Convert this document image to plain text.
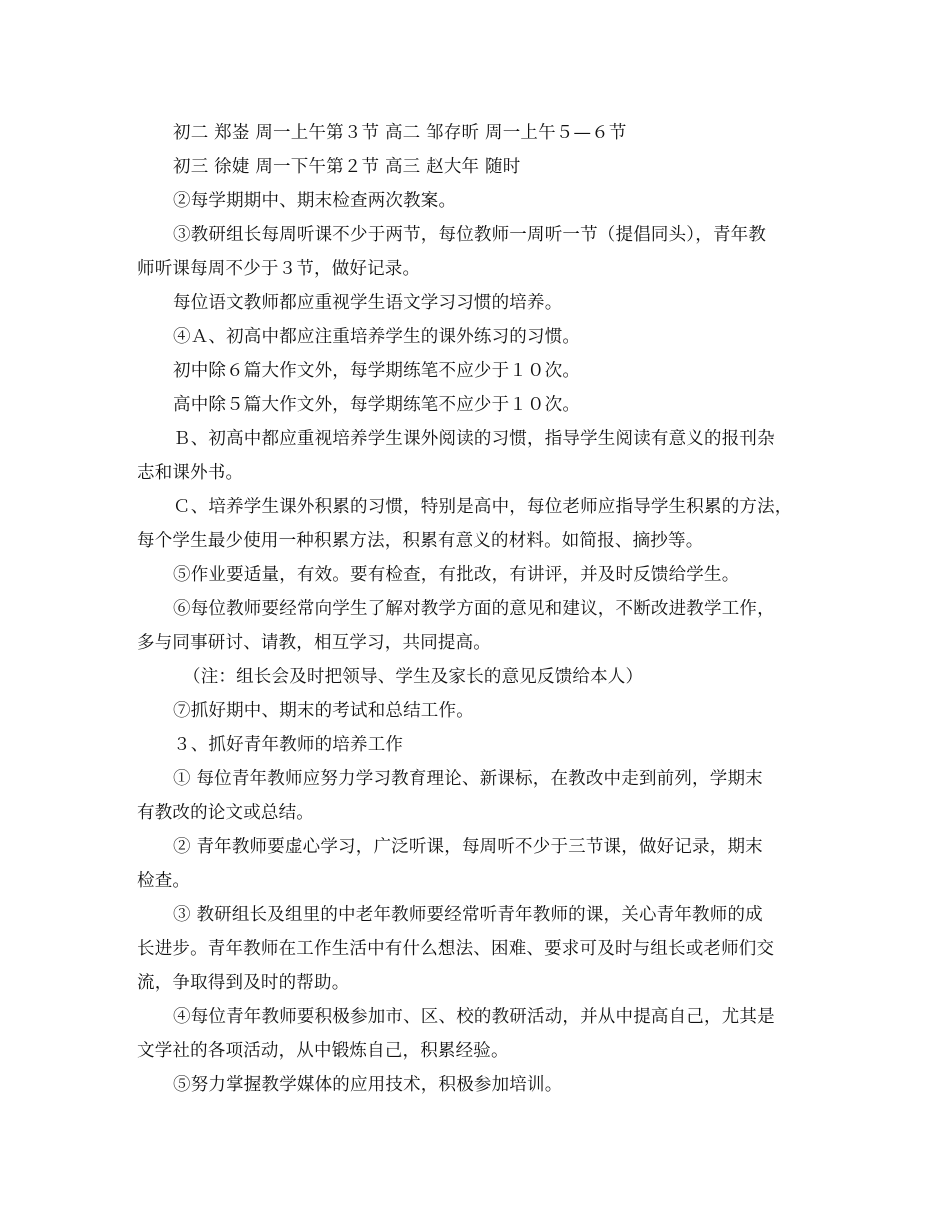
初二 郑崟 周一上午第３节 高二 邹存昕 周一上午５—６节
初三 徐婕 周一下午第２节 高三 赵大年 随时
②每学期期中、期末检查两次教案。
③教研组长每周听课不少于两节，每位教师一周听一节（提倡同头），青年教
师听课每周不少于３节，做好记录。
每位语文教师都应重视学生语文学习习惯的培养。
④Ａ、初高中都应注重培养学生的课外练习的习惯。
初中除６篇大作文外，每学期练笔不应少于１０次。
高中除５篇大作文外，每学期练笔不应少于１０次。
Ｂ、初高中都应重视培养学生课外阅读的习惯，指导学生阅读有意义的报刊杂
志和课外书。
Ｃ、培养学生课外积累的习惯，特别是高中，每位老师应指导学生积累的方法，
每个学生最少使用一种积累方法，积累有意义的材料。如简报、摘抄等。
⑤作业要适量，有效。要有检查，有批改，有讲评，并及时反馈给学生。
⑥每位教师要经常向学生了解对教学方面的意见和建议，不断改进教学工作，
多与同事研讨、请教，相互学习，共同提高。
（注：组长会及时把领导、学生及家长的意见反馈给本人）
⑦抓好期中、期末的考试和总结工作。
３、抓好青年教师的培养工作
① 每位青年教师应努力学习教育理论、新课标，在教改中走到前列，学期末
有教改的论文或总结。
② 青年教师要虚心学习，广泛听课，每周听不少于三节课，做好记录，期末
检查。
③ 教研组长及组里的中老年教师要经常听青年教师的课，关心青年教师的成
长进步。青年教师在工作生活中有什么想法、困难、要求可及时与组长或老师们交
流，争取得到及时的帮助。
④每位青年教师要积极参加市、区、校的教研活动，并从中提高自己，尤其是
文学社的各项活动，从中锻炼自己，积累经验。
⑤努力掌握教学媒体的应用技术，积极参加培训。
